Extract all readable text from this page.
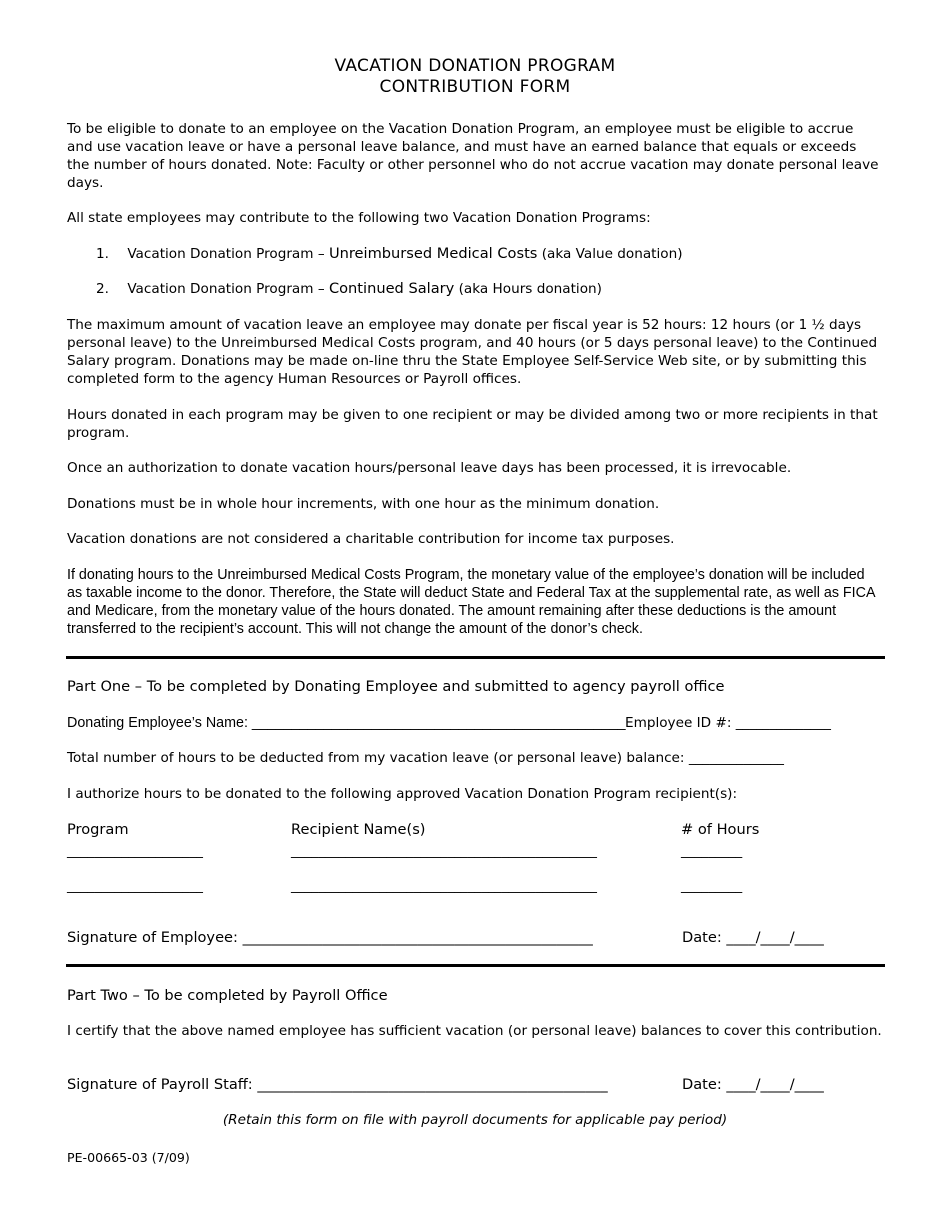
VACATION DONATION PROGRAM
CONTRIBUTION FORM
To be eligible to donate to an employee on the Vacation Donation Program, an employee must be eligible to accrue and use vacation leave or have a personal leave balance, and must have an earned balance that equals or exceeds the number of hours donated. Note: Faculty or other personnel who do not accrue vacation may donate personal leave days.
All state employees may contribute to the following two Vacation Donation Programs:
1. Vacation Donation Program – Unreimbursed Medical Costs (aka Value donation)
2. Vacation Donation Program – Continued Salary (aka Hours donation)
The maximum amount of vacation leave an employee may donate per fiscal year is 52 hours: 12 hours (or 1 ½ days personal leave) to the Unreimbursed Medical Costs program, and 40 hours (or 5 days personal leave) to the Continued Salary program. Donations may be made on-line thru the State Employee Self-Service Web site, or by submitting this completed form to the agency Human Resources or Payroll offices.
Hours donated in each program may be given to one recipient or may be divided among two or more recipients in that program.
Once an authorization to donate vacation hours/personal leave days has been processed, it is irrevocable.
Donations must be in whole hour increments, with one hour as the minimum donation.
Vacation donations are not considered a charitable contribution for income tax purposes.
If donating hours to the Unreimbursed Medical Costs Program, the monetary value of the employee’s donation will be included as taxable income to the donor. Therefore, the State will deduct State and Federal Tax at the supplemental rate, as well as FICA and Medicare, from the monetary value of the hours donated. The amount remaining after these deductions is the amount transferred to the recipient’s account. This will not change the amount of the donor’s check.
Part One – To be completed by Donating Employee and submitted to agency payroll office
Donating Employee’s Name: _______________________________________________ Employee ID #: ______________
Total number of hours to be deducted from my vacation leave (or personal leave) balance: ______________
I authorize hours to be donated to the following approved Vacation Donation Program recipient(s):
Program	Recipient Name(s)	# of Hours
____________________	_____________________________________________	_________
____________________	_____________________________________________	_________
Signature of Employee: ________________________________________________	Date: ____/____/____
Part Two – To be completed by Payroll Office
I certify that the above named employee has sufficient vacation (or personal leave) balances to cover this contribution.
Signature of Payroll Staff: ________________________________________________	Date: ____/____/____
(Retain this form on file with payroll documents for applicable pay period)
PE-00665-03 (7/09)
